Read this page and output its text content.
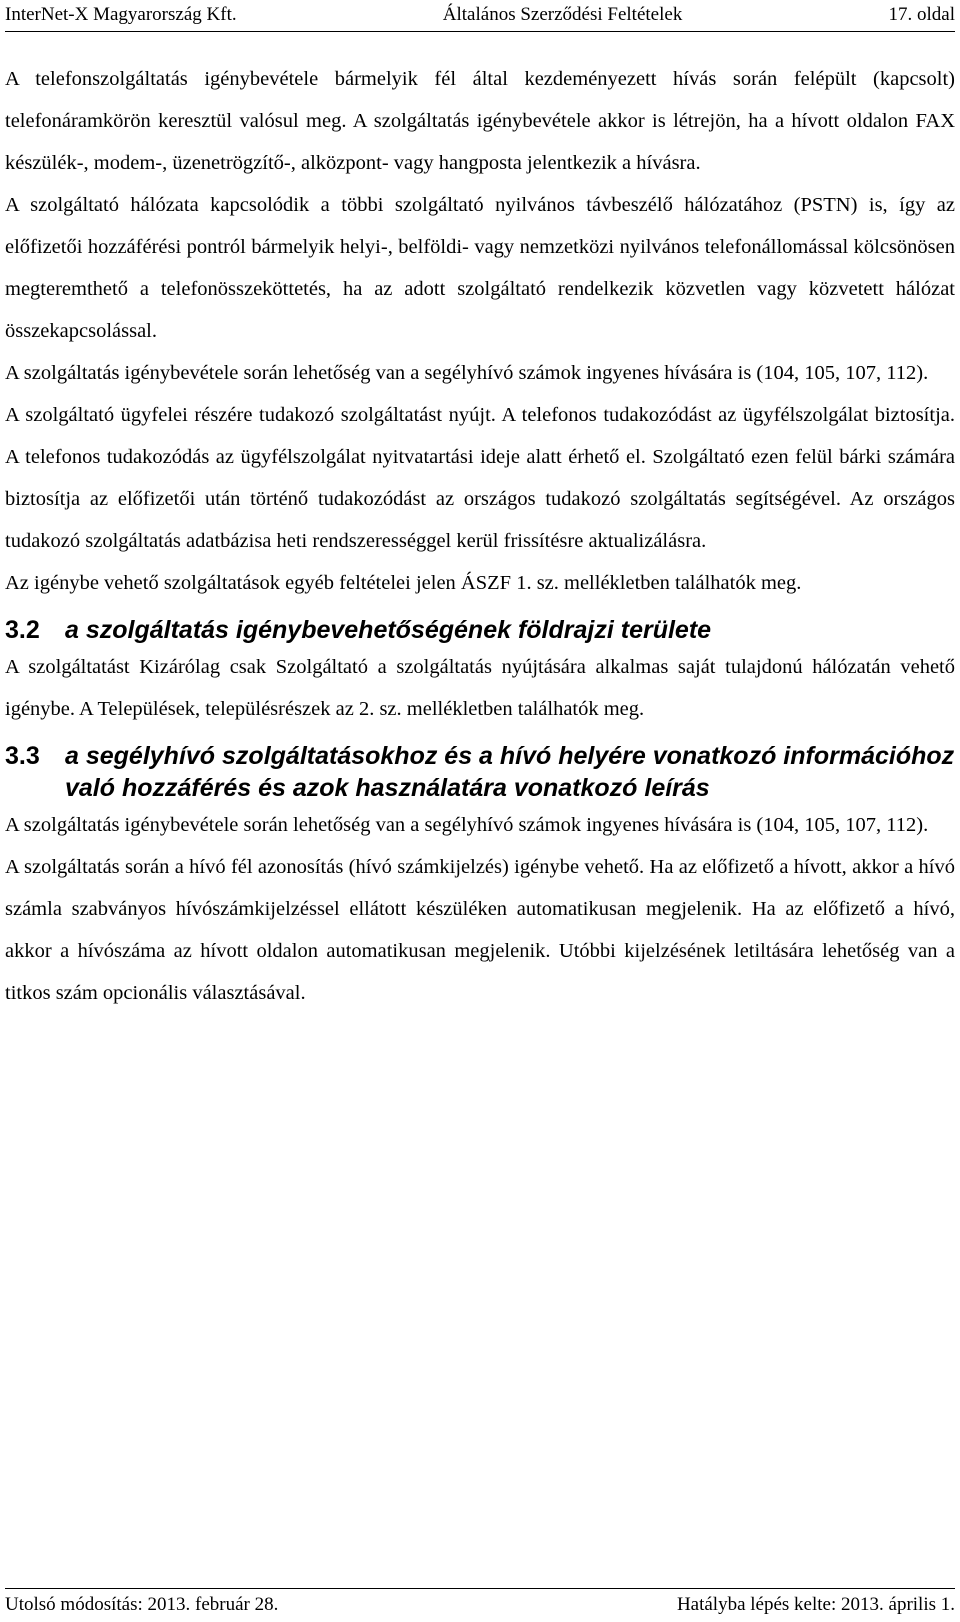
InterNet-X Magyarország Kft.	Általános Szerződési Feltételek	17. oldal

A telefonszolgáltatás igénybevétele bármelyik fél által kezdeményezett hívás során felépült (kapcsolt) telefonáramkörön keresztül valósul meg. A szolgáltatás igénybevétele akkor is létrejön, ha a hívott oldalon FAX készülék-, modem-, üzenetrögzítő-, alközpont- vagy hangposta jelentkezik a hívásra.

A szolgáltató hálózata kapcsolódik a többi szolgáltató nyilvános távbeszélő hálózatához (PSTN) is, így az előfizetői hozzáférési pontról bármelyik helyi-, belföldi- vagy nemzetközi nyilvános telefonállomással kölcsönösen megteremthető a telefonösszeköttetés, ha az adott szolgáltató rendelkezik közvetlen vagy közvetett hálózat összekapcsolással.

A szolgáltatás igénybevétele során lehetőség van a segélyhívó számok ingyenes hívására is (104, 105, 107, 112).

A szolgáltató ügyfelei részére tudakozó szolgáltatást nyújt. A telefonos tudakozódást az ügyfélszolgálat biztosítja. A telefonos tudakozódás az ügyfélszolgálat nyitvatartási ideje alatt érhető el. Szolgáltató ezen felül bárki számára biztosítja az előfizetői után történő tudakozódást az országos tudakozó szolgáltatás segítségével. Az országos tudakozó szolgáltatás adatbázisa heti rendszerességgel kerül frissítésre aktualizálásra.

Az igénybe vehető szolgáltatások egyéb feltételei jelen ÁSZF 1. sz. mellékletben találhatók meg.

3.2	a szolgáltatás igénybevehetőségének földrajzi területe

A szolgáltatást Kizárólag csak Szolgáltató a szolgáltatás nyújtására alkalmas saját tulajdonú hálózatán vehető igénybe. A Települések, településrészek az 2. sz. mellékletben találhatók meg.

3.3	a segélyhívó szolgáltatásokhoz és a hívó helyére vonatkozó információhoz való hozzáférés és azok használatára vonatkozó leírás

A szolgáltatás igénybevétele során lehetőség van a segélyhívó számok ingyenes hívására is (104, 105, 107, 112).

A szolgáltatás során a hívó fél azonosítás (hívó számkijelzés) igénybe vehető. Ha az előfizető a hívott, akkor a hívó számla szabványos hívószámkijelzéssel ellátott készüléken automatikusan megjelenik. Ha az előfizető a hívó, akkor a hívószáma az hívott oldalon automatikusan megjelenik. Utóbbi kijelzésének letiltására lehetőség van a titkos szám opcionális választásával.

Utolsó módosítás: 2013. február 28.	Hatályba lépés kelte: 2013. április 1.
